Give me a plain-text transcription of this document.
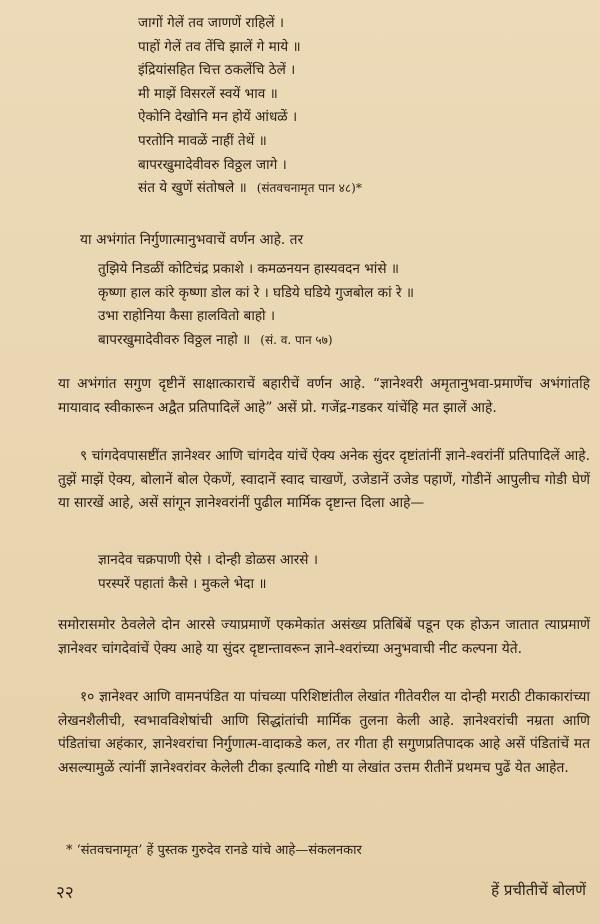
जागों गेलें तव जाणणें राहिलें ।
पाहों गेलें तव तेंचि झालें गे माये ॥
इंद्रियांसहित चित्त ठकलेंचि ठेलें ।
मी माझें विसरलें स्वयें भाव ॥
ऐकोनि देखोनि मन होयें आंधळें ।
परतोनि मावळें नाहीं तेथें ॥
बापरखुमादेवीवरु विठ्ठल जागे ।
संत ये खुणें संतोषले ॥ (संतवचनामृत पान ४८)*

या अभंगांत निर्गुणात्मानुभवाचें वर्णन आहे. तर

तुझिये निडळीं कोटिचंद्र प्रकाशे । कमळनयन हास्यवदन भांसे ॥
कृष्णा हाल कांरे कृष्णा डोल कां रे । घडिये घडिये गुजबोल कां रे ॥
उभा राहोनिया कैसा हालवितो बाहो ।
बापरखुमादेवीवरु विठ्ठल नाहो ॥ (सं. व. पान ५७)

या अभंगांत सगुण दृष्टीनें साक्षात्काराचें बहारीचें वर्णन आहे. “ज्ञानेश्वरी अमृतानुभवा-प्रमाणेंच अभंगांतहि मायावाद स्वीकारून अद्वैत प्रतिपादिलें आहे” असें प्रो. गजेंद्र-गडकर यांचेंहि मत झालें आहे.

९ चांगदेवपासष्टींत ज्ञानेश्वर आणि चांगदेव यांचें ऐक्य अनेक सुंदर दृष्टांतांनीं ज्ञाने-श्वरांनीं प्रतिपादिलें आहे. तुझें माझें ऐक्य, बोलानें बोल ऐकणें, स्वादानें स्वाद चाखणें, उजेडानें उजेड पहाणें, गोडीनें आपुलीच गोडी घेणें या सारखें आहे, असें सांगून ज्ञानेश्वरांनीं पुढील मार्मिक दृष्टान्त दिला आहे—

ज्ञानदेव चक्रपाणी ऐसे । दोन्ही डोळस आरसे ।
परस्परें पहातां कैसे । मुकले भेदा ॥

समोरासमोर ठेवलेले दोन आरसे ज्याप्रमाणें एकमेकांत असंख्य प्रतिबिंबें पडून एक होऊन जातात त्याप्रमाणें ज्ञानेश्वर चांगदेवांचें ऐक्य आहे या सुंदर दृष्टान्तावरून ज्ञाने-श्वरांच्या अनुभवाची नीट कल्पना येते.

१० ज्ञानेश्वर आणि वामनपंडित या पांचव्या परिशिष्टांतील लेखांत गीतेवरील या दोन्ही मराठी टीकाकारांच्या लेखनशैलीची, स्वभावविशेषांची आणि सिद्धांतांची मार्मिक तुलना केली आहे. ज्ञानेश्वरांची नम्रता आणि पंडितांचा अहंकार, ज्ञानेश्वरांचा निर्गुणात्म-वादाकडे कल, तर गीता ही सगुणप्रतिपादक आहे असें पंडितांचें मत असल्यामुळें त्यांनीं ज्ञानेश्वरांवर केलेली टीका इत्यादि गोष्टी या लेखांत उत्तम रीतीनें प्रथमच पुढें येत आहेत.

* ‘संतवचनामृत’ हें पुस्तक गुरुदेव रानडे यांचे आहे—संकलनकार

२२	हें प्रचीतीचें बोलणें
